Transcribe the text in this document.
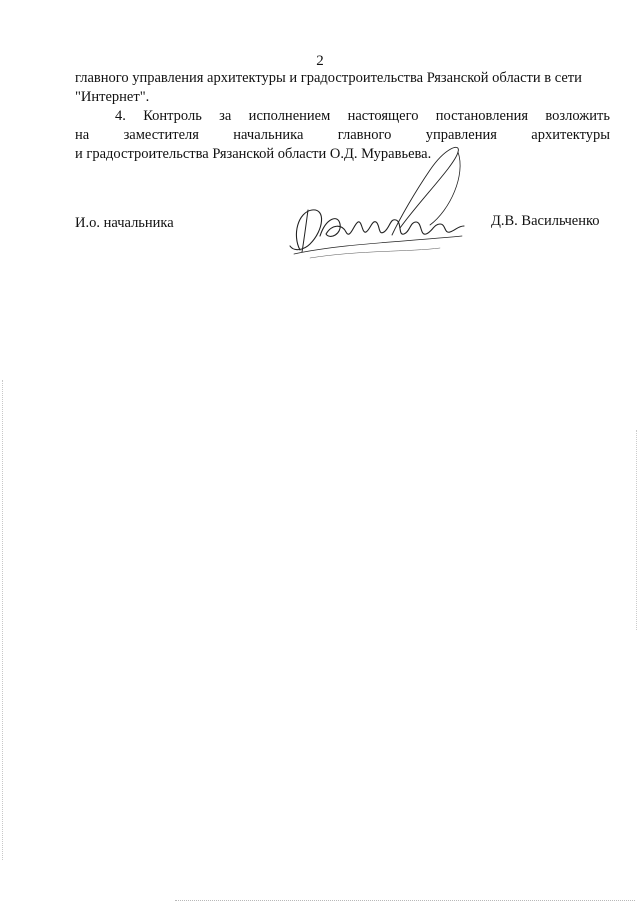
2
главного управления архитектуры и градостроительства Рязанской области в сети
"Интернет".
4. Контроль за исполнением настоящего постановления возложить
на заместителя начальника главного управления архитектуры
и градостроительства Рязанской области О.Д. Муравьева.
И.о. начальника	Д.В. Васильченко
